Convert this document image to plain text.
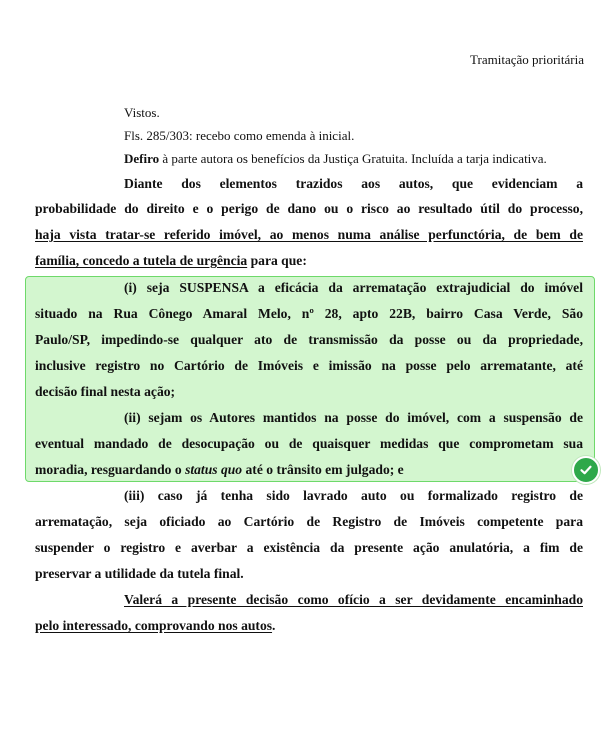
Tramitação prioritária
Vistos.
Fls. 285/303: recebo como emenda à inicial.
Defiro à parte autora os benefícios da Justiça Gratuita. Incluída a tarja indicativa.
Diante dos elementos trazidos aos autos, que evidenciam a
probabilidade do direito e o perigo de dano ou o risco ao resultado útil do processo,
haja vista tratar-se referido imóvel, ao menos numa análise perfunctória, de bem de
família, concedo a tutela de urgência para que:
(i) seja SUSPENSA a eficácia da arrematação extrajudicial do imóvel
situado na Rua Cônego Amaral Melo, nº 28, apto 22B, bairro Casa Verde, São
Paulo/SP, impedindo-se qualquer ato de transmissão da posse ou da propriedade,
inclusive registro no Cartório de Imóveis e imissão na posse pelo arrematante, até
decisão final nesta ação;
(ii) sejam os Autores mantidos na posse do imóvel, com a suspensão de
eventual mandado de desocupação ou de quaisquer medidas que comprometam sua
moradia, resguardando o status quo até o trânsito em julgado; e
(iii) caso já tenha sido lavrado auto ou formalizado registro de
arrematação, seja oficiado ao Cartório de Registro de Imóveis competente para
suspender o registro e averbar a existência da presente ação anulatória, a fim de
preservar a utilidade da tutela final.
Valerá a presente decisão como ofício a ser devidamente encaminhado
pelo interessado, comprovando nos autos.
